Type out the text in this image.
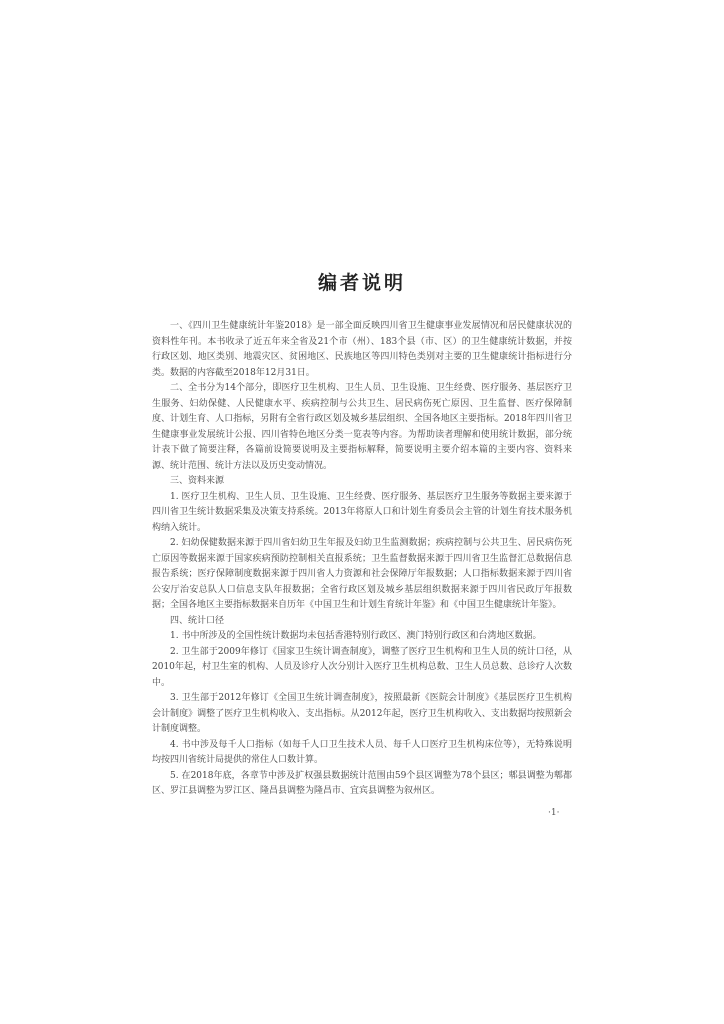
编者说明

一、《四川卫生健康统计年鉴2018》是一部全面反映四川省卫生健康事业发展情况和居民健康状况的资料性年刊。本书收录了近五年来全省及21个市（州）、183个县（市、区）的卫生健康统计数据，并按行政区划、地区类别、地震灾区、贫困地区、民族地区等四川特色类别对主要的卫生健康统计指标进行分类。数据的内容截至2018年12月31日。

二、全书分为14个部分，即医疗卫生机构、卫生人员、卫生设施、卫生经费、医疗服务、基层医疗卫生服务、妇幼保健、人民健康水平、疾病控制与公共卫生、居民病伤死亡原因、卫生监督、医疗保障制度、计划生育、人口指标，另附有全省行政区划及城乡基层组织、全国各地区主要指标。2018年四川省卫生健康事业发展统计公报、四川省特色地区分类一览表等内容。为帮助读者理解和使用统计数据，部分统计表下做了简要注释，各篇前设简要说明及主要指标解释，简要说明主要介绍本篇的主要内容、资料来源、统计范围、统计方法以及历史变动情况。

三、资料来源

1. 医疗卫生机构、卫生人员、卫生设施、卫生经费、医疗服务、基层医疗卫生服务等数据主要来源于四川省卫生统计数据采集及决策支持系统。2013年将原人口和计划生育委员会主管的计划生育技术服务机构纳入统计。

2. 妇幼保健数据来源于四川省妇幼卫生年报及妇幼卫生监测数据；疾病控制与公共卫生、居民病伤死亡原因等数据来源于国家疾病预防控制相关直报系统；卫生监督数据来源于四川省卫生监督汇总数据信息报告系统；医疗保障制度数据来源于四川省人力资源和社会保障厅年报数据；人口指标数据来源于四川省公安厅治安总队人口信息支队年报数据；全省行政区划及城乡基层组织数据来源于四川省民政厅年报数据；全国各地区主要指标数据来自历年《中国卫生和计划生育统计年鉴》和《中国卫生健康统计年鉴》。

四、统计口径

1. 书中所涉及的全国性统计数据均未包括香港特别行政区、澳门特别行政区和台湾地区数据。

2. 卫生部于2009年修订《国家卫生统计调查制度》，调整了医疗卫生机构和卫生人员的统计口径，从2010年起，村卫生室的机构、人员及诊疗人次分别计入医疗卫生机构总数、卫生人员总数、总诊疗人次数中。

3. 卫生部于2012年修订《全国卫生统计调查制度》，按照最新《医院会计制度》《基层医疗卫生机构会计制度》调整了医疗卫生机构收入、支出指标。从2012年起，医疗卫生机构收入、支出数据均按照新会计制度调整。

4. 书中涉及每千人口指标（如每千人口卫生技术人员、每千人口医疗卫生机构床位等），无特殊说明均按四川省统计局提供的常住人口数计算。

5. 在2018年底，各章节中涉及扩权强县数据统计范围由59个县区调整为78个县区；郫县调整为郫都区、罗江县调整为罗江区、隆昌县调整为隆昌市、宜宾县调整为叙州区。

·1·
